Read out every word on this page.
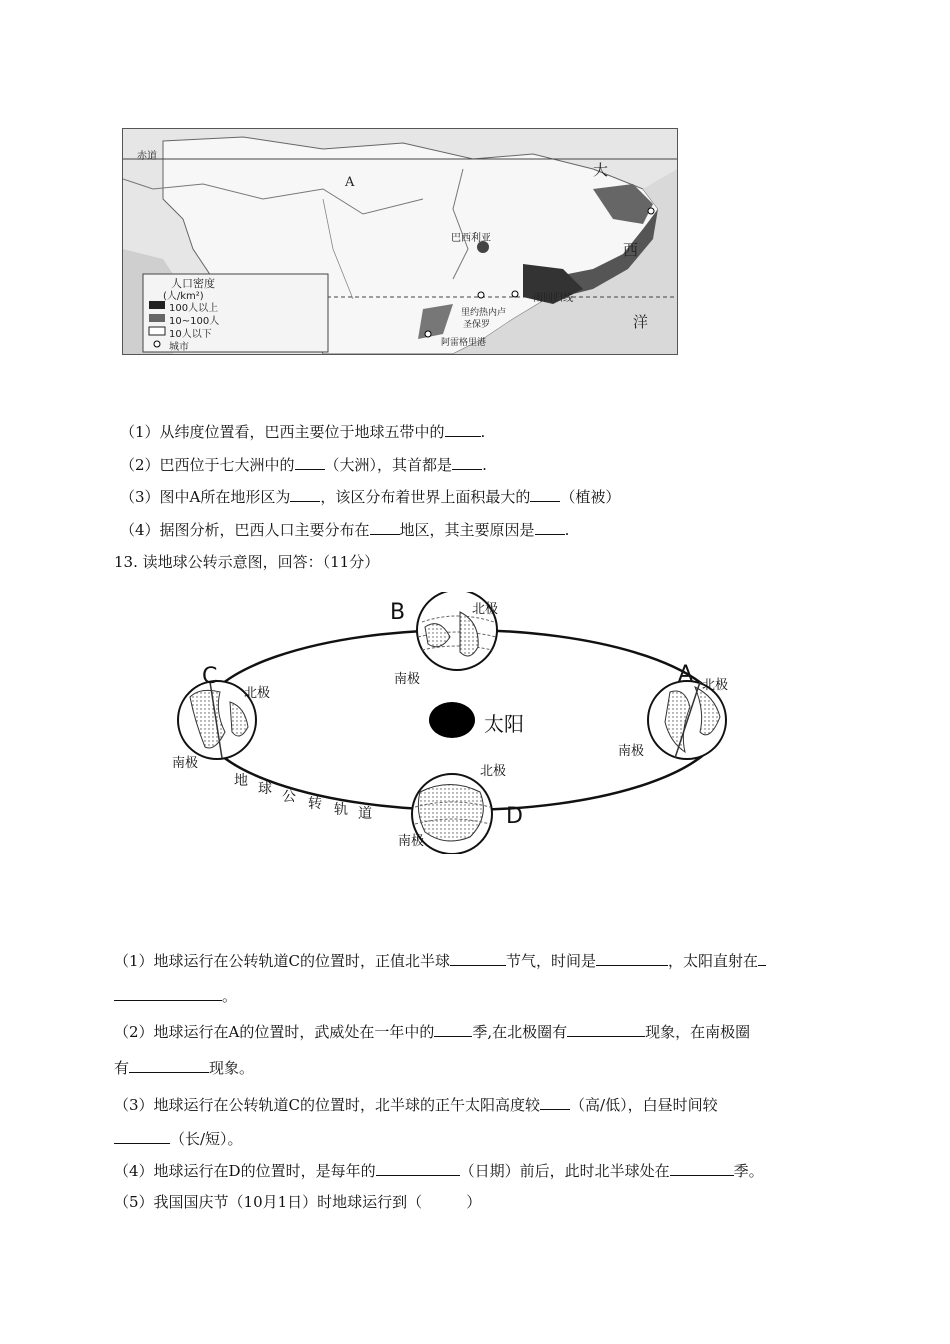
赤道
A
巴西利亚
南回归线
里约热内卢
圣保罗
阿雷格里港
大
西
洋
人口密度
(人/km²)
100人以上
10~100人
10人以下
城市
（1）从纬度位置看，巴西主要位于地球五带中的 .
（2）巴西位于七大洲中的 （大洲），其首都是 .
（3）图中A所在地形区为 ，该区分布着世界上面积最大的 （植被）
（4）据图分析，巴西人口主要分布在 地区，其主要原因是 .
13. 读地球公转示意图，回答：（11分）
太阳
B	北极
南极
C
北极
南极
A 北极
南极
D
北极
南极
地 球 公 转 轨 道
（1）地球运行在公转轨道C的位置时，正值北半球	节气，时间是	，太阳直射在
。
（2）地球运行在A的位置时，武威处在一年中的	季,在北极圈有	现象，在南极圈
有	现象。
（3）地球运行在公转轨道C的位置时，北半球的正午太阳高度较 （高/低），白昼时间较
（长/短）。
（4）地球运行在D的位置时，是每年的	（日期）前后，此时北半球处在	季。
（5）我国国庆节（10月1日）时地球运行到（	）
